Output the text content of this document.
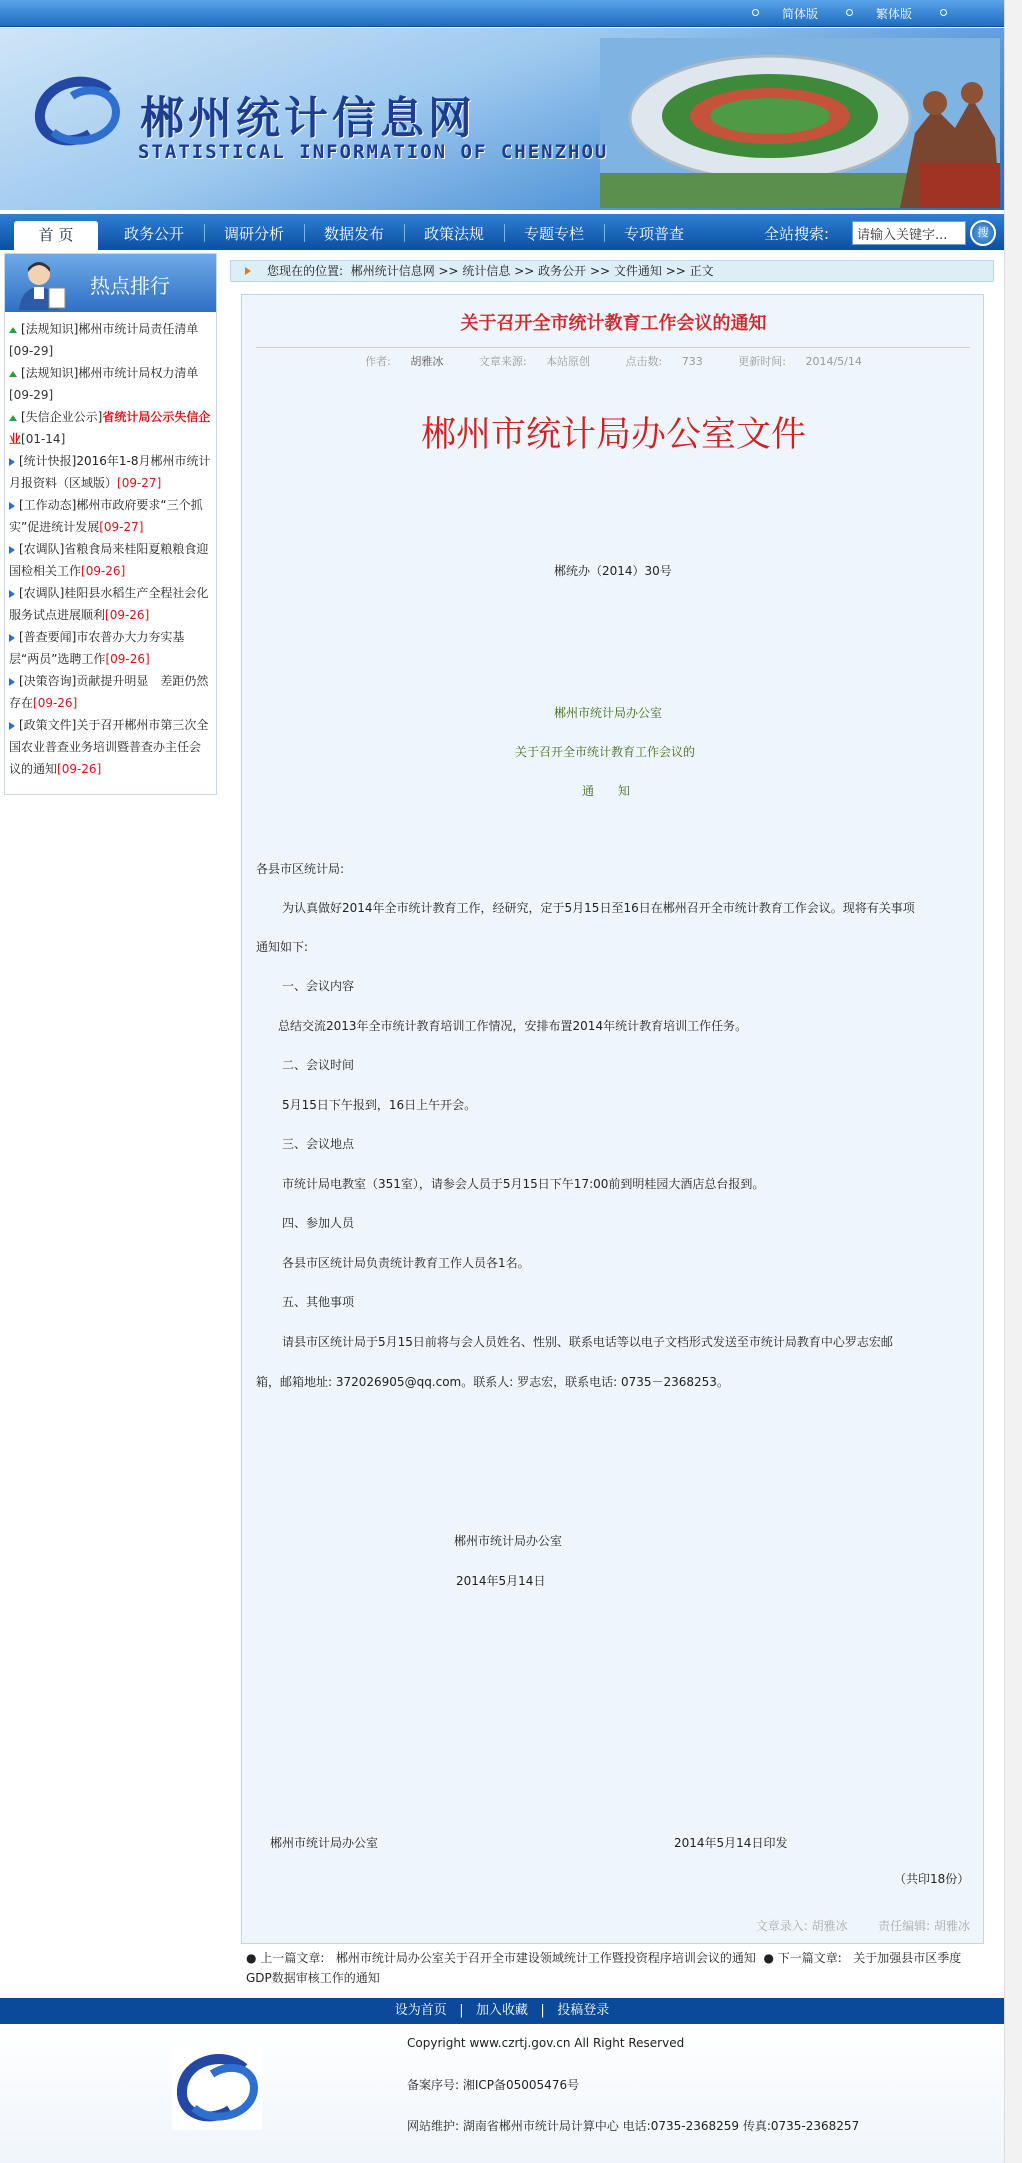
简体版	繁体版
郴州统计信息网
STATISTICAL INFORMATION OF CHENZHOU
首 页	政务公开	调研分析	数据发布	政策法规	专题专栏	专项普查	全站搜索:
请输入关键字...	搜
热点排行
[法规知识]郴州市统计局责任清单[09-29]
[法规知识]郴州市统计局权力清单[09-29]
[失信企业公示]省统计局公示失信企业[01-14]
[统计快报]2016年1-8月郴州市统计月报资料（区域版）[09-27]
[工作动态]郴州市政府要求“三个抓实”促进统计发展[09-27]
[农调队]省粮食局来桂阳夏粮粮食迎国检相关工作[09-26]
[农调队]桂阳县水稻生产全程社会化服务试点进展顺利[09-26]
[普查要闻]市农普办大力夯实基层“两员”选聘工作[09-26]
[决策咨询]贡献提升明显　差距仍然存在[09-26]
[政策文件]关于召开郴州市第三次全国农业普查业务培训暨普查办主任会议的通知[09-26]
您现在的位置: 郴州统计信息网 >> 统计信息 >> 政务公开 >> 文件通知 >> 正文
关于召开全市统计教育工作会议的通知
作者: 胡雅冰	文章来源: 本站原创	点击数: 733	更新时间: 2014/5/14
郴州市统计局办公室文件
郴统办（2014）30号
郴州市统计局办公室
关于召开全市统计教育工作会议的
通　　知
各县市区统计局:
为认真做好2014年全市统计教育工作，经研究，定于5月15日至16日在郴州召开全市统计教育工作会议。现将有关事项
通知如下:
一、会议内容
总结交流2013年全市统计教育培训工作情况，安排布置2014年统计教育培训工作任务。
二、会议时间
5月15日下午报到，16日上午开会。
三、会议地点
市统计局电教室（351室），请参会人员于5月15日下午17:00前到明桂园大酒店总台报到。
四、参加人员
各县市区统计局负责统计教育工作人员各1名。
五、其他事项
请县市区统计局于5月15日前将与会人员姓名、性别、联系电话等以电子文档形式发送至市统计局教育中心罗志宏邮
箱，邮箱地址: 372026905@qq.com。联系人: 罗志宏，联系电话: 0735－2368253。
郴州市统计局办公室
2014年5月14日
郴州市统计局办公室	2014年5月14日印发
（共印18份）
文章录入: 胡雅冰	责任编辑: 胡雅冰
● 上一篇文章: 郴州市统计局办公室关于召开全市建设领域统计工作暨投资程序培训会议的通知 ● 下一篇文章: 关于加强县市区季度GDP数据审核工作的通知
设为首页   |   加入收藏   |   投稿登录
Copyright www.czrtj.gov.cn All Right Reserved
备案序号: 湘ICP备05005476号
网站维护: 湖南省郴州市统计局计算中心 电话:0735-2368259 传真:0735-2368257
